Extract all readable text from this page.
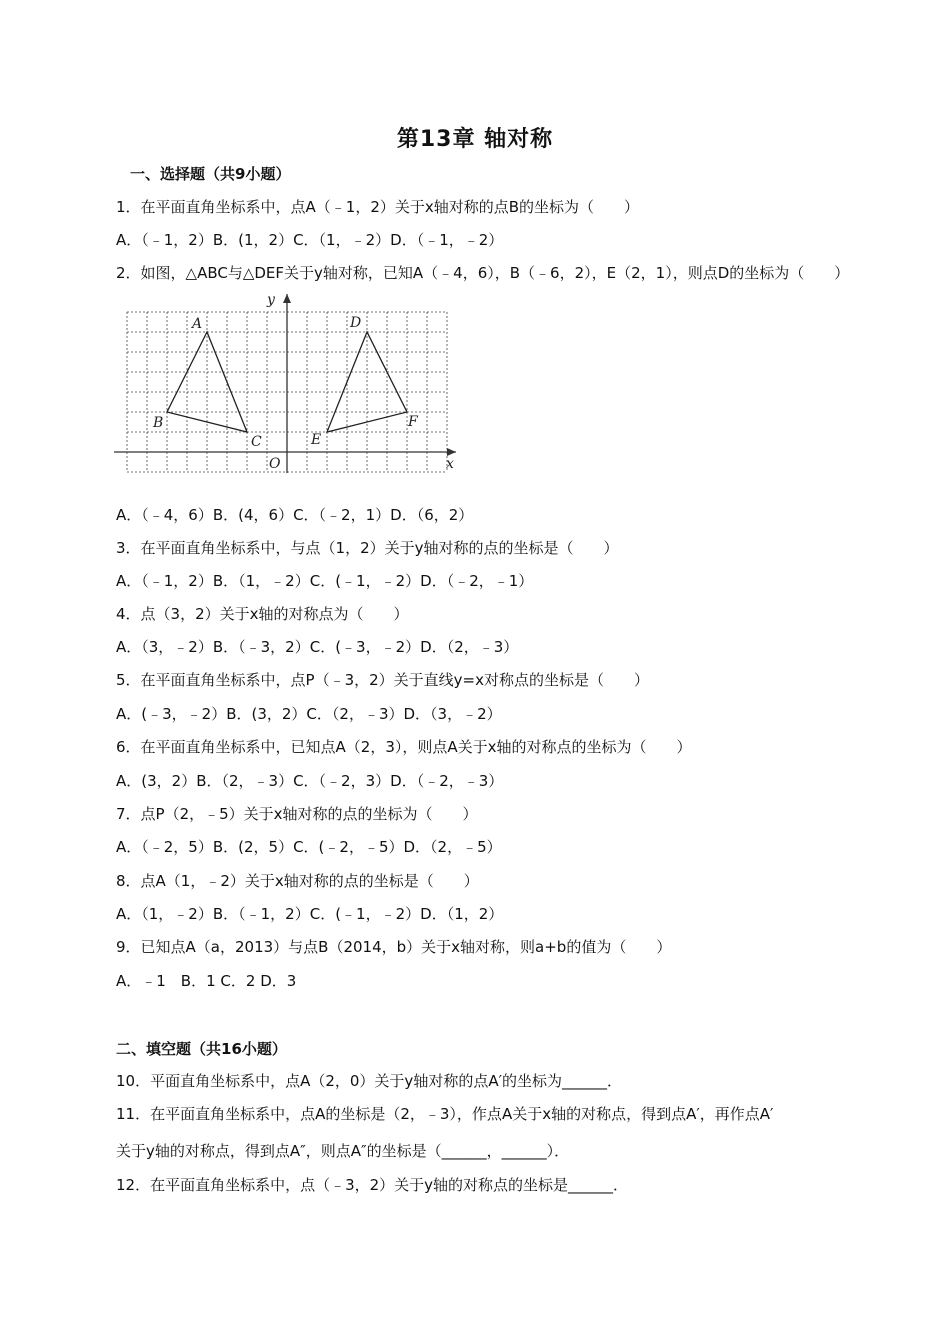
第13章 轴对称
一、选择题（共9小题）
1．在平面直角坐标系中，点A（﹣1，2）关于x轴对称的点B的坐标为（　　）
A．（﹣1，2）B．(1，2）C．（1，﹣2）D．（﹣1，﹣2）
2．如图，△ABC与△DEF关于y轴对称，已知A（﹣4，6），B（﹣6，2），E（2，1），则点D的坐标为（　　）
A
B
C
D
E
F
O	x
y
A．（﹣4，6）B．(4，6）C．（﹣2，1）D．（6，2）
3．在平面直角坐标系中，与点（1，2）关于y轴对称的点的坐标是（　　）
A．（﹣1，2）B．（1，﹣2）C．(﹣1，﹣2）D．（﹣2，﹣1）
4．点（3，2）关于x轴的对称点为（　　）
A．（3，﹣2）B．（﹣3，2）C．(﹣3，﹣2）D．（2，﹣3）
5．在平面直角坐标系中，点P（﹣3，2）关于直线y=x对称点的坐标是（　　）
A．(﹣3，﹣2）B．(3，2）C．（2，﹣3）D．（3，﹣2）
6．在平面直角坐标系中，已知点A（2，3），则点A关于x轴的对称点的坐标为（　　）
A．(3，2）B．（2，﹣3）C．（﹣2，3）D．（﹣2，﹣3）
7．点P（2，﹣5）关于x轴对称的点的坐标为（　　）
A．（﹣2，5）B．(2，5）C．(﹣2，﹣5）D．（2，﹣5）
8．点A（1，﹣2）关于x轴对称的点的坐标是（　　）
A．（1，﹣2）B．（﹣1，2）C．(﹣1，﹣2）D．（1，2）
9．已知点A（a，2013）与点B（2014，b）关于x轴对称，则a+b的值为（　　）
A．﹣1　B．1 C．2 D．3
二、填空题（共16小题）
10．平面直角坐标系中，点A（2，0）关于y轴对称的点A′的坐标为______．
11．在平面直角坐标系中，点A的坐标是（2，﹣3），作点A关于x轴的对称点，得到点A′，再作点A′
关于y轴的对称点，得到点A″，则点A″的坐标是（______，______）．
12．在平面直角坐标系中，点（﹣3，2）关于y轴的对称点的坐标是______．
